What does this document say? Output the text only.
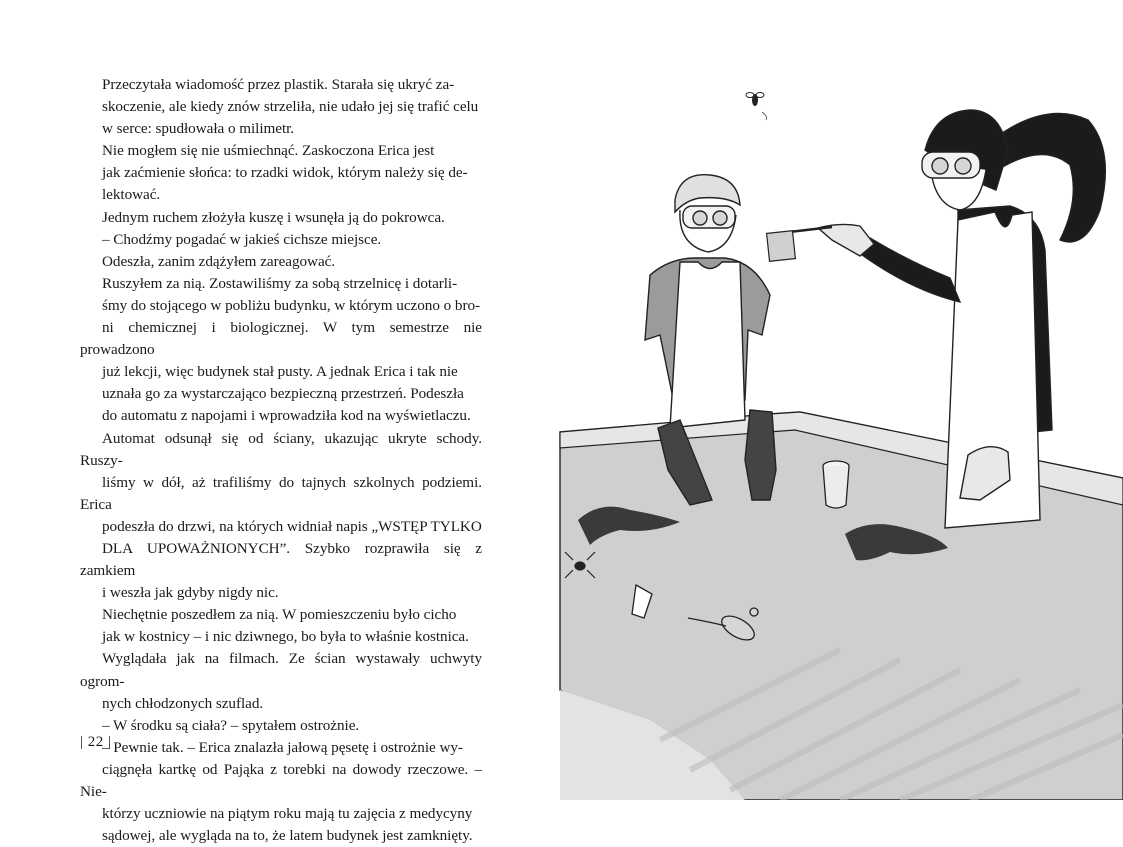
Przeczytała wiadomość przez plastik. Starała się ukryć za-
skoczenie, ale kiedy znów strzeliła, nie udało jej się trafić celu
w serce: spudłowała o milimetr.

Nie mogłem się nie uśmiechnąć. Zaskoczona Erica jest
jak zaćmienie słońca: to rzadki widok, którym należy się de-
lektować.

Jednym ruchem złożyła kuszę i wsunęła ją do pokrowca.

– Chodźmy pogadać w jakieś cichsze miejsce.

Odeszła, zanim zdążyłem zareagować.

Ruszyłem za nią. Zostawiliśmy za sobą strzelnicę i dotarli-
śmy do stojącego w pobliżu budynku, w którym uczono o bro-
ni chemicznej i biologicznej. W tym semestrze nie prowadzono
już lekcji, więc budynek stał pusty. A jednak Erica i tak nie
uznała go za wystarczająco bezpieczną przestrzeń. Podeszła
do automatu z napojami i wprowadziła kod na wyświetlaczu.
Automat odsunął się od ściany, ukazując ukryte schody. Ruszy-
liśmy w dół, aż trafiliśmy do tajnych szkolnych podziemi. Erica
podeszła do drzwi, na których widniał napis „WSTĘP TYLKO
DLA UPOWAŻNIONYCH”. Szybko rozprawiła się z zamkiem
i weszła jak gdyby nigdy nic.

Niechętnie poszedłem za nią. W pomieszczeniu było cicho
jak w kostnicy – i nic dziwnego, bo była to właśnie kostnica.
Wyglądała jak na filmach. Ze ścian wystawały uchwyty ogrom-
nych chłodzonych szuflad.

– W środku są ciała? – spytałem ostrożnie.

– Pewnie tak. – Erica znalazła jałową pęsetę i ostrożnie wy-
ciągnęła kartkę od Pająka z torebki na dowody rzeczowe. – Nie-
którzy uczniowie na piątym roku mają tu zajęcia z medycyny
sądowej, ale wygląda na to, że latem budynek jest zamknięty.

| 22 |
